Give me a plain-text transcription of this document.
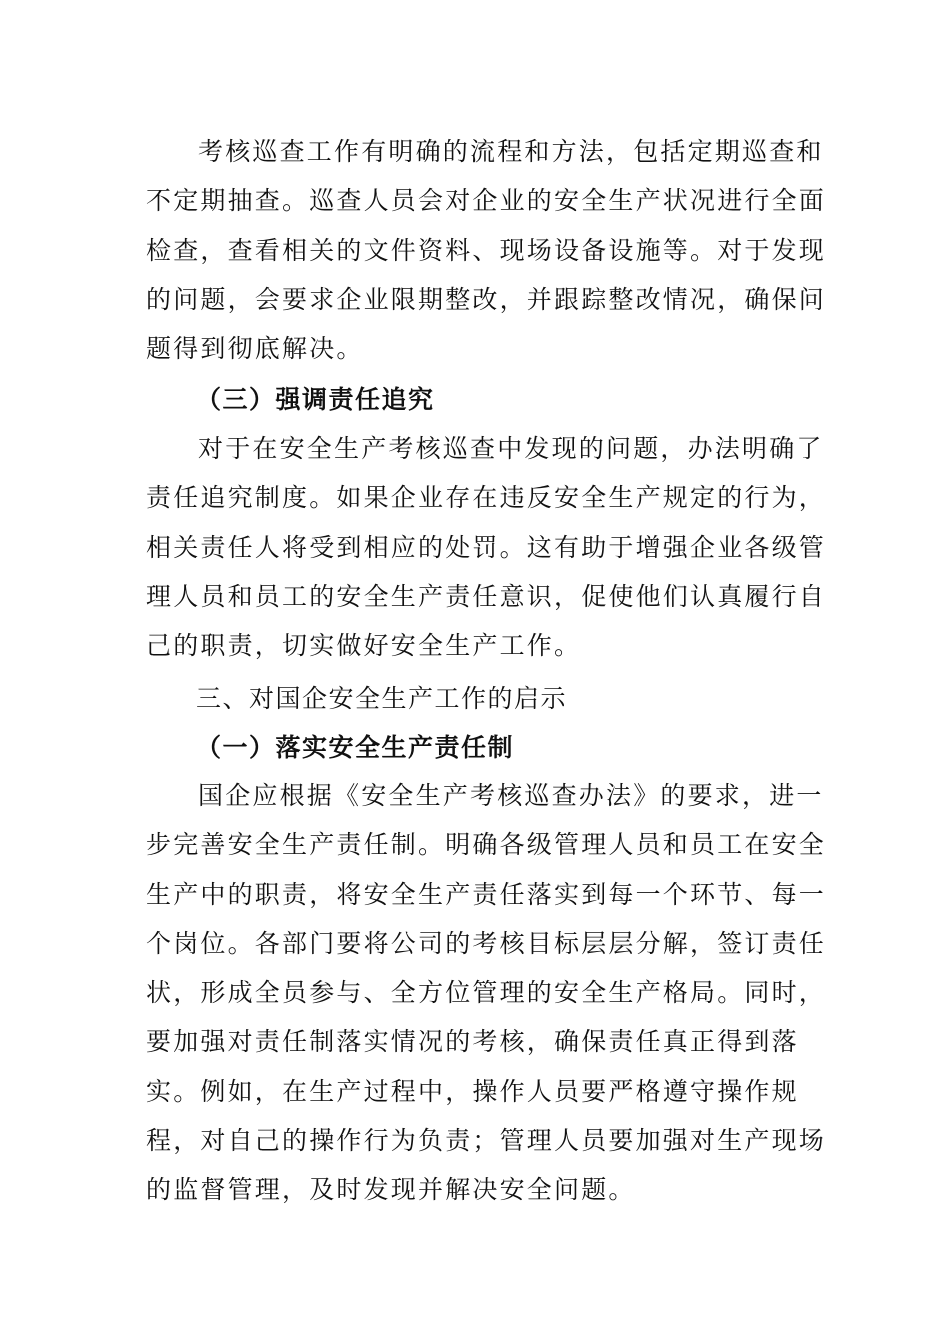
考核巡查工作有明确的流程和方法，包括定期巡查和
不定期抽查。巡查人员会对企业的安全生产状况进行全面
检查，查看相关的文件资料、现场设备设施等。对于发现
的问题，会要求企业限期整改，并跟踪整改情况，确保问
题得到彻底解决。
（三）强调责任追究
对于在安全生产考核巡查中发现的问题，办法明确了
责任追究制度。如果企业存在违反安全生产规定的行为，
相关责任人将受到相应的处罚。这有助于增强企业各级管
理人员和员工的安全生产责任意识，促使他们认真履行自
己的职责，切实做好安全生产工作。
三、对国企安全生产工作的启示
（一）落实安全生产责任制
国企应根据《安全生产考核巡查办法》的要求，进一
步完善安全生产责任制。明确各级管理人员和员工在安全
生产中的职责，将安全生产责任落实到每一个环节、每一
个岗位。各部门要将公司的考核目标层层分解，签订责任
状，形成全员参与、全方位管理的安全生产格局。同时，
要加强对责任制落实情况的考核，确保责任真正得到落
实。例如，在生产过程中，操作人员要严格遵守操作规
程，对自己的操作行为负责；管理人员要加强对生产现场
的监督管理，及时发现并解决安全问题。
